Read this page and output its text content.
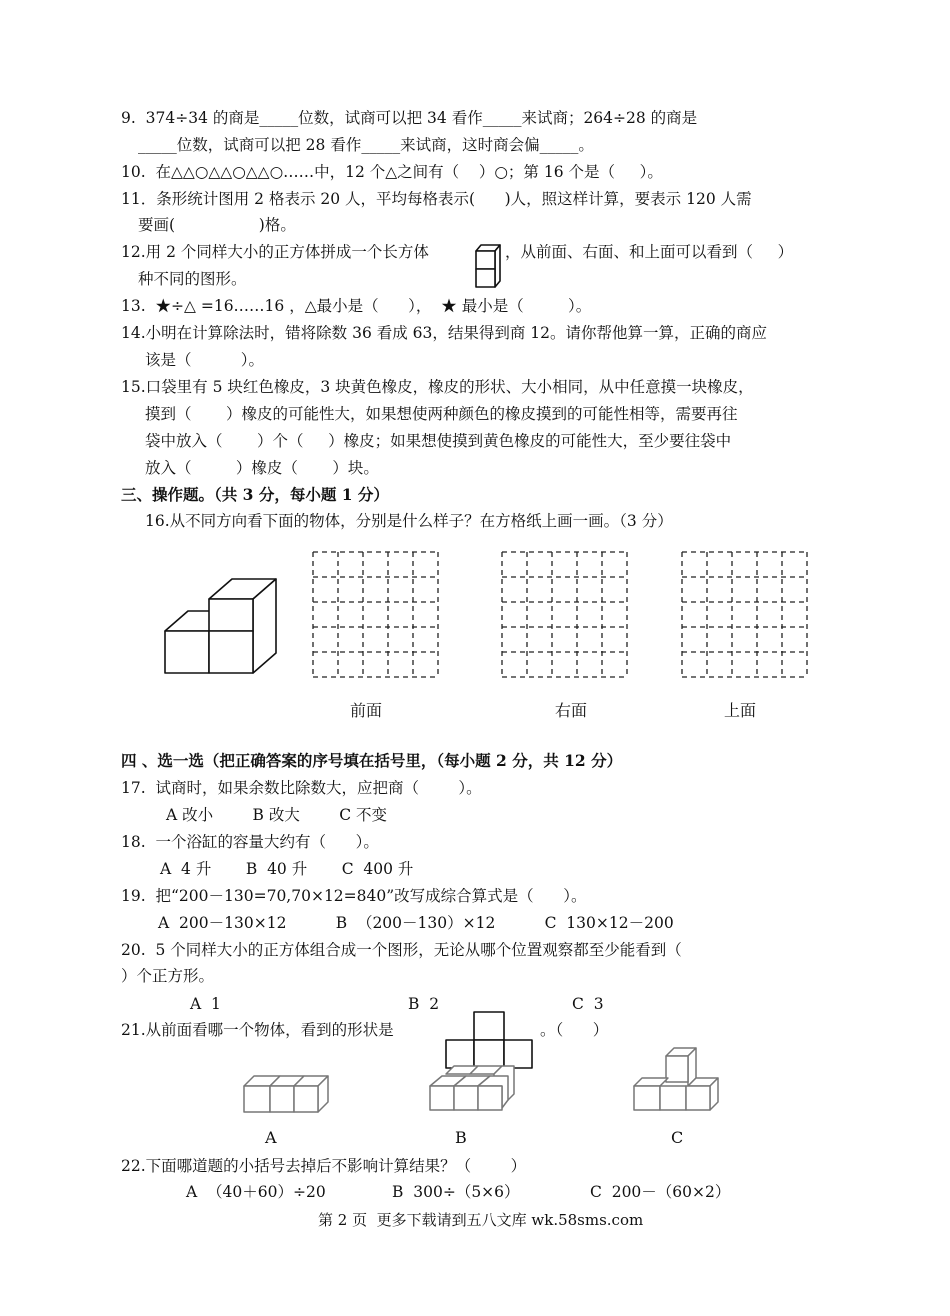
9.  374÷34 的商是_____位数，试商可以把 34 看作_____来试商；264÷28 的商是
_____位数，试商可以把 28 看作_____来试商，这时商会偏_____。
10.  在△△○△△○△△○……中，12 个△之间有（    ）○；第 16 个是（     ）。
11．条形统计图用 2 格表示 20 人，平均每格表示(      )人，照这样计算，要表示 120 人需
要画(                 )格。
12.用 2 个同样大小的正方体拼成一个长方体	，从前面、右面、和上面可以看到（     ）
种不同的图形。
13.  ★÷△ =16……16 ，△最小是（      ），  ★ 最小是（         ）。
14.小明在计算除法时，错将除数 36 看成 63，结果得到商 12。请你帮他算一算，正确的商应
该是（          ）。
15.口袋里有 5 块红色橡皮，3 块黄色橡皮，橡皮的形状、大小相同，从中任意摸一块橡皮，
摸到（       ）橡皮的可能性大，如果想使两种颜色的橡皮摸到的可能性相等，需要再往
袋中放入（       ）个（     ）橡皮；如果想使摸到黄色橡皮的可能性大，至少要往袋中
放入（         ）橡皮（       ）块。
三、操作题。（共 3 分，每小题 1 分）
16.从不同方向看下面的物体，分别是什么样子？在方格纸上画一画。（3 分）
前面	右面	上面
四 、选一选（把正确答案的序号填在括号里，（每小题 2 分，共 12 分）
17.  试商时，如果余数比除数大，应把商（        ）。
A 改小        B 改大        C 不变
18.  一个浴缸的容量大约有（      ）。
A  4 升       B  40 升       C  400 升
19.  把“200－130=70,70×12=840”改写成综合算式是（      ）。
A  200－130×12          B  （200－130）×12          C  130×12－200
20.  5 个同样大小的正方体组合成一个图形，无论从哪个位置观察都至少能看到（
）个正方形。
A  1	B  2	C  3
21.从前面看哪一个物体，看到的形状是	。（      ）
A	B	C
22.下面哪道题的小括号去掉后不影响计算结果？（        ）
A  （40＋60）÷20	B  300÷（5×6）	C  200－（60×2）
第 2 页  更多下载请到五八文库 wk.58sms.com
